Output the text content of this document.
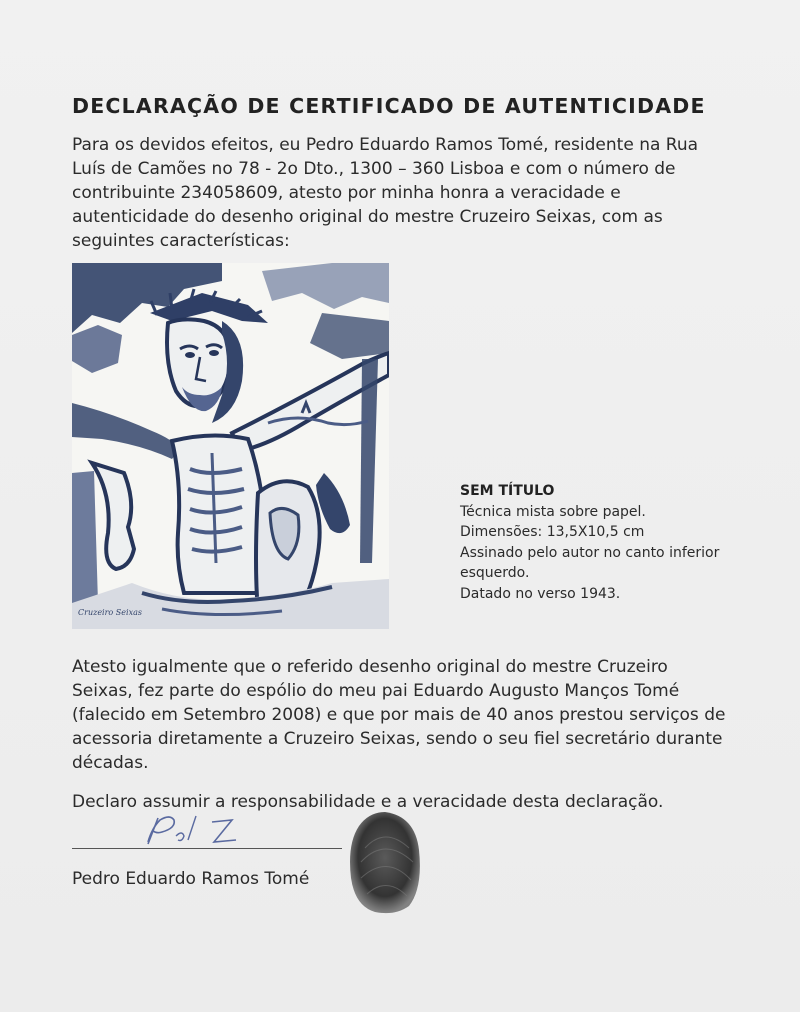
DECLARAÇÃO DE CERTIFICADO DE AUTENTICIDADE
Para os devidos efeitos, eu Pedro Eduardo Ramos Tomé, residente na Rua
Luís de Camões no 78 - 2o Dto., 1300 – 360 Lisboa e com o número de
contribuinte 234058609, atesto por minha honra a veracidade e
autenticidade do desenho original do mestre Cruzeiro Seixas, com as
seguintes características:
Cruzeiro Seixas
SEM TÍTULO
Técnica mista sobre papel.
Dimensões: 13,5X10,5 cm
Assinado pelo autor no canto inferior
esquerdo.
Datado no verso 1943.
Atesto igualmente que o referido desenho original do mestre Cruzeiro
Seixas, fez parte do espólio do meu pai Eduardo Augusto Manços Tomé
(falecido em Setembro 2008) e que por mais de 40 anos prestou serviços de
acessoria diretamente a Cruzeiro Seixas, sendo o seu fiel secretário durante
décadas.
Declaro assumir a responsabilidade e a veracidade desta declaração.
Pedro Eduardo Ramos Tomé
